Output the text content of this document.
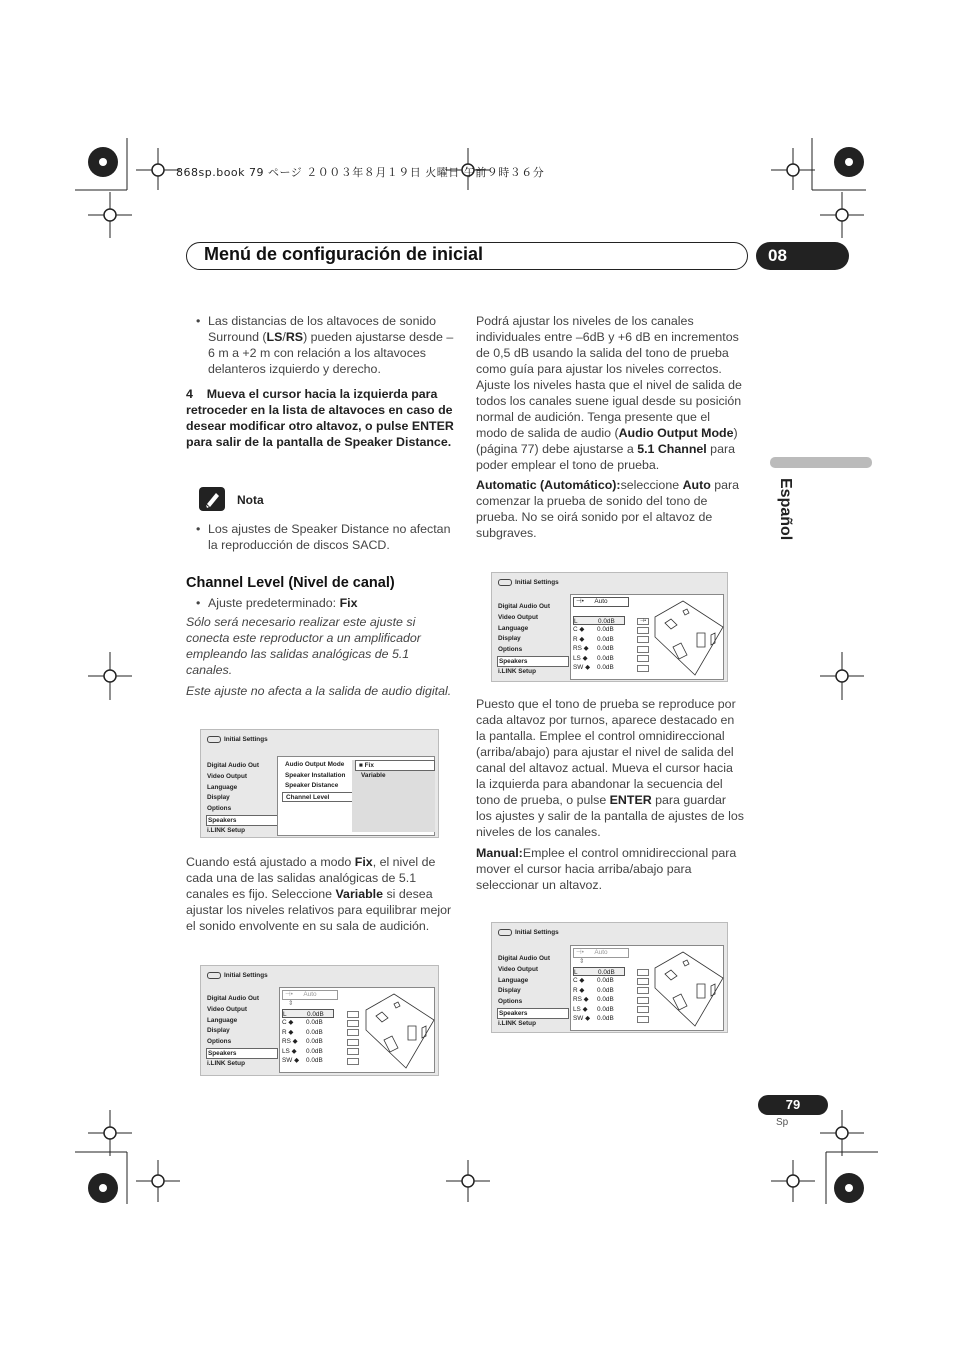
868sp.book 79 ページ ２００３年８月１９日 火曜日 午前９時３６分
Menú de configuración de inicial	08
Español

• Las distancias de los altavoces de sonido Surround (LS/RS) pueden ajustarse desde –6 m a +2 m con relación a los altavoces delanteros izquierdo y derecho.

4 Mueva el cursor hacia la izquierda para retroceder en la lista de altavoces en caso de desear modificar otro altavoz, o pulse ENTER para salir de la pantalla de Speaker Distance.

Nota

• Los ajustes de Speaker Distance no afectan la reproducción de discos SACD.

Channel Level (Nivel de canal)

• Ajuste predeterminado: Fix

Sólo será necesario realizar este ajuste si conecta este reproductor a un amplificador empleando las salidas analógicas de 5.1 canales.

Este ajuste no afecta a la salida de audio digital.

Initial Settings
Digital Audio Out
Video Output
Language
Display
Options
Speakers
i.LINK Setup
Audio Output Mode
Speaker Installation
Speaker Distance
Channel Level
■ Fix
Variable

Cuando está ajustado a modo Fix, el nivel de cada una de las salidas analógicas de 5.1 canales es fijo. Seleccione Variable si desea ajustar los niveles relativos para equilibrar mejor el sonido envolvente en su sala de audición.

Initial Settings
Digital Audio Out
Video Output
Language
Display
Options
Speakers
i.LINK Setup
⊣• Auto
⇕
L	0.0dB
C ◆ 0.0dB
R ◆ 0.0dB
RS ◆ 0.0dB
LS ◆ 0.0dB
SW ◆ 0.0dB

Podrá ajustar los niveles de los canales individuales entre –6dB y +6 dB en incrementos de 0,5 dB usando la salida del tono de prueba como guía para ajustar los niveles correctos. Ajuste los niveles hasta que el nivel de salida de todos los canales suene igual desde su posición normal de audición. Tenga presente que el modo de salida de audio (Audio Output Mode) (página 77) debe ajustarse a 5.1 Channel para poder emplear el tono de prueba.

Automatic (Automático):seleccione Auto para comenzar la prueba de sonido del tono de prueba. No se oirá sonido por el altavoz de subgraves.

Initial Settings
Digital Audio Out
Video Output
Language
Display
Options
Speakers
i.LINK Setup
⊣• Auto
L	0.0dB
C ◆ 0.0dB
R ◆ 0.0dB
RS ◆ 0.0dB
LS ◆ 0.0dB
SW ◆ 0.0dB
⊣•

Puesto que el tono de prueba se reproduce por cada altavoz por turnos, aparece destacado en la pantalla. Emplee el control omnidireccional (arriba/abajo) para ajustar el nivel de salida del canal del altavoz actual. Mueva el cursor hacia la izquierda para abandonar la secuencia del tono de prueba, o pulse ENTER para guardar los ajustes y salir de la pantalla de ajustes de los niveles de los canales.

Manual:Emplee el control omnidireccional para mover el cursor hacia arriba/abajo para seleccionar un altavoz.

Initial Settings
Digital Audio Out
Video Output
Language
Display
Options
Speakers
i.LINK Setup
⊣• Auto
⇕
L	0.0dB
C ◆ 0.0dB
R ◆ 0.0dB
RS ◆ 0.0dB
LS ◆ 0.0dB
SW ◆ 0.0dB
79
Sp
